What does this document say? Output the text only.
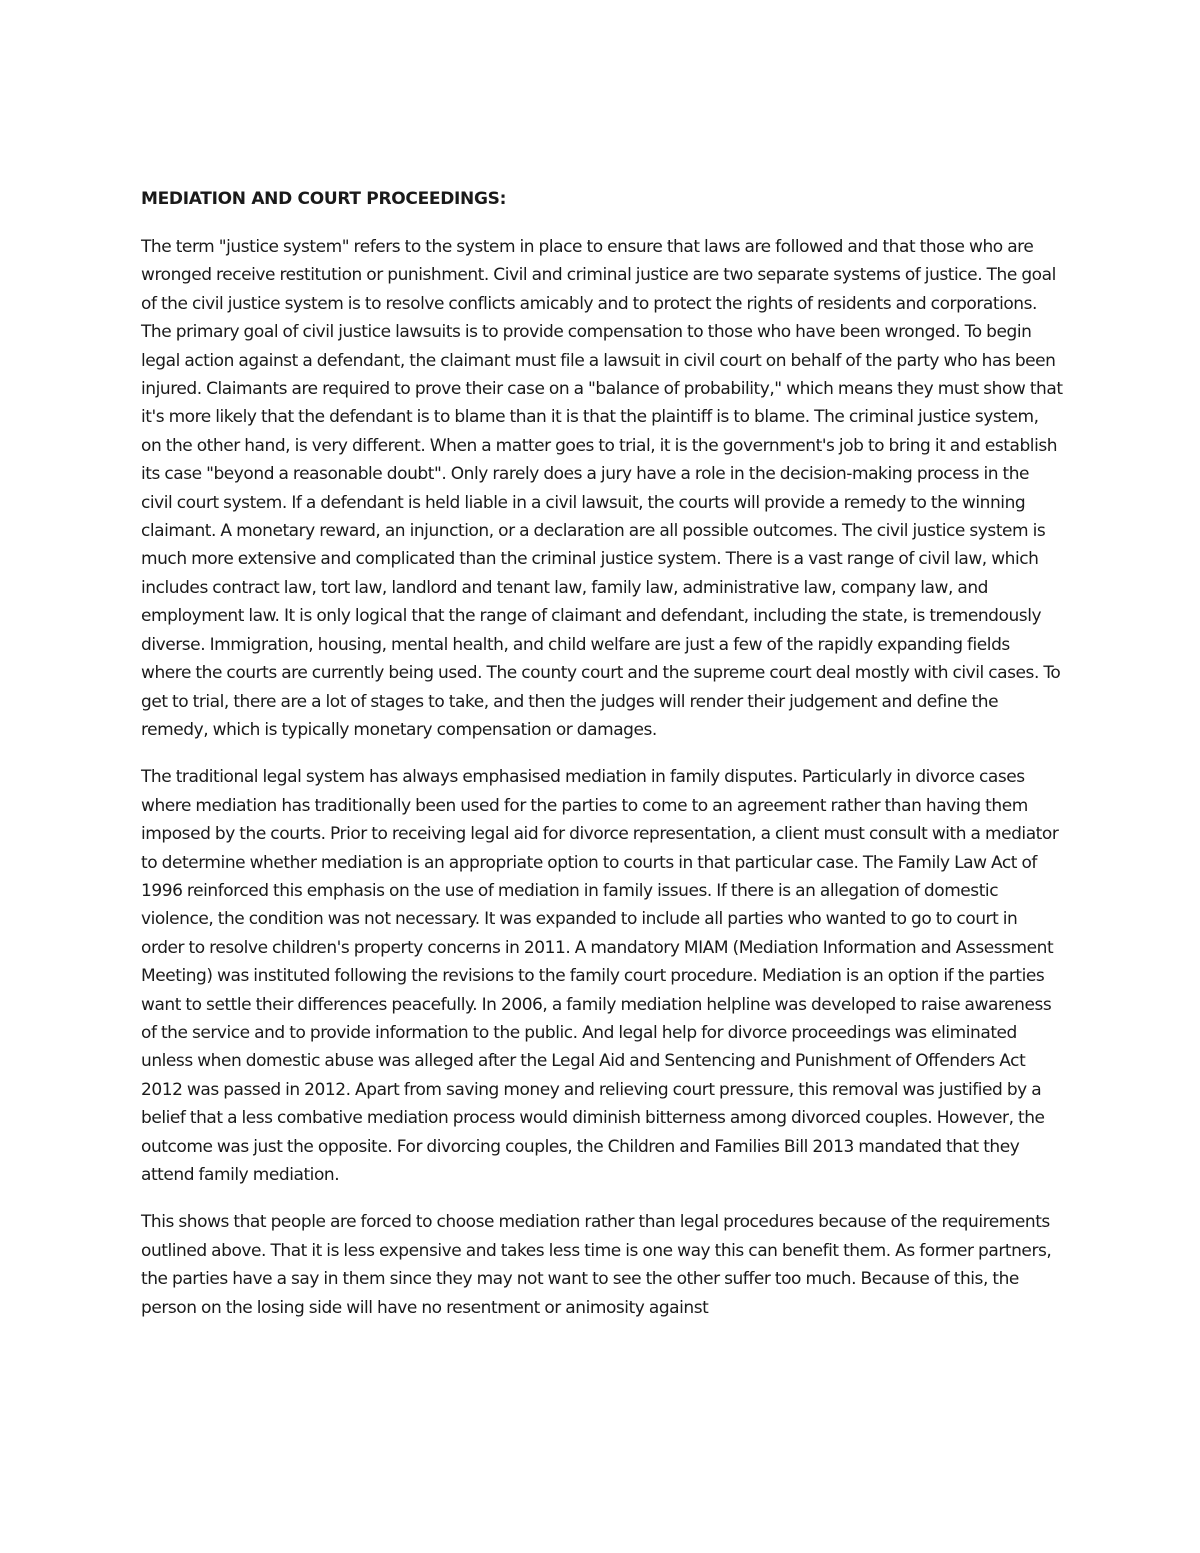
MEDIATION AND COURT PROCEEDINGS:

The term "justice system" refers to the system in place to ensure that laws are followed and that those who are wronged receive restitution or punishment. Civil and criminal justice are two separate systems of justice. The goal of the civil justice system is to resolve conflicts amicably and to protect the rights of residents and corporations. The primary goal of civil justice lawsuits is to provide compensation to those who have been wronged. To begin legal action against a defendant, the claimant must file a lawsuit in civil court on behalf of the party who has been injured. Claimants are required to prove their case on a "balance of probability," which means they must show that it's more likely that the defendant is to blame than it is that the plaintiff is to blame. The criminal justice system, on the other hand, is very different. When a matter goes to trial, it is the government's job to bring it and establish its case "beyond a reasonable doubt". Only rarely does a jury have a role in the decision-making process in the civil court system. If a defendant is held liable in a civil lawsuit, the courts will provide a remedy to the winning claimant. A monetary reward, an injunction, or a declaration are all possible outcomes. The civil justice system is much more extensive and complicated than the criminal justice system. There is a vast range of civil law, which includes contract law, tort law, landlord and tenant law, family law, administrative law, company law, and employment law. It is only logical that the range of claimant and defendant, including the state, is tremendously diverse. Immigration, housing, mental health, and child welfare are just a few of the rapidly expanding fields where the courts are currently being used. The county court and the supreme court deal mostly with civil cases. To get to trial, there are a lot of stages to take, and then the judges will render their judgement and define the remedy, which is typically monetary compensation or damages.

The traditional legal system has always emphasised mediation in family disputes. Particularly in divorce cases where mediation has traditionally been used for the parties to come to an agreement rather than having them imposed by the courts. Prior to receiving legal aid for divorce representation, a client must consult with a mediator to determine whether mediation is an appropriate option to courts in that particular case. The Family Law Act of 1996 reinforced this emphasis on the use of mediation in family issues. If there is an allegation of domestic violence, the condition was not necessary. It was expanded to include all parties who wanted to go to court in order to resolve children's property concerns in 2011. A mandatory MIAM (Mediation Information and Assessment Meeting) was instituted following the revisions to the family court procedure. Mediation is an option if the parties want to settle their differences peacefully. In 2006, a family mediation helpline was developed to raise awareness of the service and to provide information to the public. And legal help for divorce proceedings was eliminated unless when domestic abuse was alleged after the Legal Aid and Sentencing and Punishment of Offenders Act 2012 was passed in 2012. Apart from saving money and relieving court pressure, this removal was justified by a belief that a less combative mediation process would diminish bitterness among divorced couples. However, the outcome was just the opposite. For divorcing couples, the Children and Families Bill 2013 mandated that they attend family mediation.

This shows that people are forced to choose mediation rather than legal procedures because of the requirements outlined above. That it is less expensive and takes less time is one way this can benefit them. As former partners, the parties have a say in them since they may not want to see the other suffer too much. Because of this, the person on the losing side will have no resentment or animosity against
